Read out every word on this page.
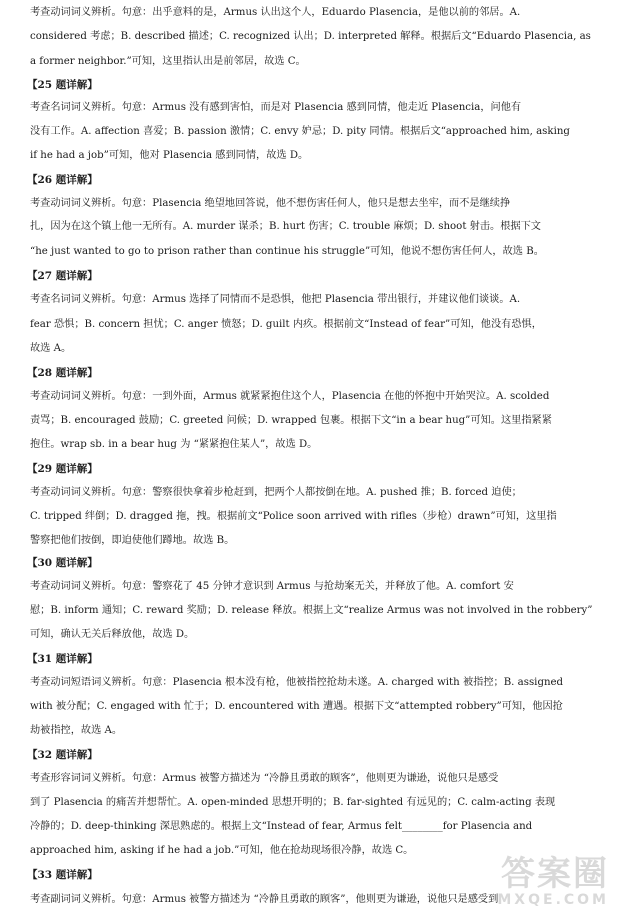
考查动词词义辨析。句意：出乎意料的是，Armus 认出这个人，Eduardo Plasencia，是他以前的邻居。A.
considered 考虑；B. described 描述；C. recognized 认出；D. interpreted 解释。根据后文“Eduardo Plasencia, as
a former neighbor.”可知，这里指认出是前邻居，故选 C。
【25 题详解】
考查名词词义辨析。句意：Armus 没有感到害怕，而是对 Plasencia 感到同情，他走近 Plasencia，问他有
没有工作。A. affection 喜爱；B. passion 激情；C. envy 妒忌；D. pity 同情。根据后文“approached him, asking
if he had a job”可知，他对 Plasencia 感到同情，故选 D。
【26 题详解】
考查动词词义辨析。句意：Plasencia 绝望地回答说，他不想伤害任何人，他只是想去坐牢，而不是继续挣
扎，因为在这个镇上他一无所有。A. murder 谋杀；B. hurt 伤害；C. trouble 麻烦；D. shoot 射击。根据下文
“he just wanted to go to prison rather than continue his struggle”可知，他说不想伤害任何人，故选 B。
【27 题详解】
考查名词词义辨析。句意：Armus 选择了同情而不是恐惧，他把 Plasencia 带出银行，并建议他们谈谈。A.
fear 恐惧；B. concern 担忧；C. anger 愤怒；D. guilt 内疚。根据前文“Instead of fear”可知，他没有恐惧，
故选 A。
【28 题详解】
考查动词词义辨析。句意：一到外面，Armus 就紧紧抱住这个人，Plasencia 在他的怀抱中开始哭泣。A. scolded
责骂；B. encouraged 鼓励；C. greeted 问候；D. wrapped 包裹。根据下文“in a bear hug”可知。这里指紧紧
抱住。wrap sb. in a bear hug 为 “紧紧抱住某人”，故选 D。
【29 题详解】
考查动词词义辨析。句意：警察很快拿着步枪赶到，把两个人都按倒在地。A. pushed 推；B. forced 迫使；
C. tripped 绊倒；D. dragged 拖，拽。根据前文“Police soon arrived with rifles（步枪）drawn”可知，这里指
警察把他们按倒，即迫使他们蹲地。故选 B。
【30 题详解】
考查动词词义辨析。句意：警察花了 45 分钟才意识到 Armus 与抢劫案无关，并释放了他。A. comfort 安
慰；B. inform 通知；C. reward 奖励；D. release 释放。根据上文“realize Armus was not involved in the robbery”
可知，确认无关后释放他，故选 D。
【31 题详解】
考查动词短语词义辨析。句意：Plasencia 根本没有枪，他被指控抢劫未遂。A. charged with 被指控；B. assigned
with 被分配；C. engaged with 忙于；D. encountered with 遭遇。根据下文“attempted robbery”可知，他因抢
劫被指控，故选 A。
【32 题详解】
考查形容词词义辨析。句意：Armus 被警方描述为 “冷静且勇敢的顾客”，他则更为谦逊，说他只是感受
到了 Plasencia 的痛苦并想帮忙。A. open-minded 思想开明的；B. far-sighted 有远见的；C. calm-acting 表现
冷静的；D. deep-thinking 深思熟虑的。根据上文“Instead of fear, Armus felt________for Plasencia and
approached him, asking if he had a job.”可知，他在抢劫现场很冷静，故选 C。
【33 题详解】
考查副词词义辨析。句意：Armus 被警方描述为 “冷静且勇敢的顾客”，他则更为谦逊，说他只是感受到
答案圈
MXQE.COM
